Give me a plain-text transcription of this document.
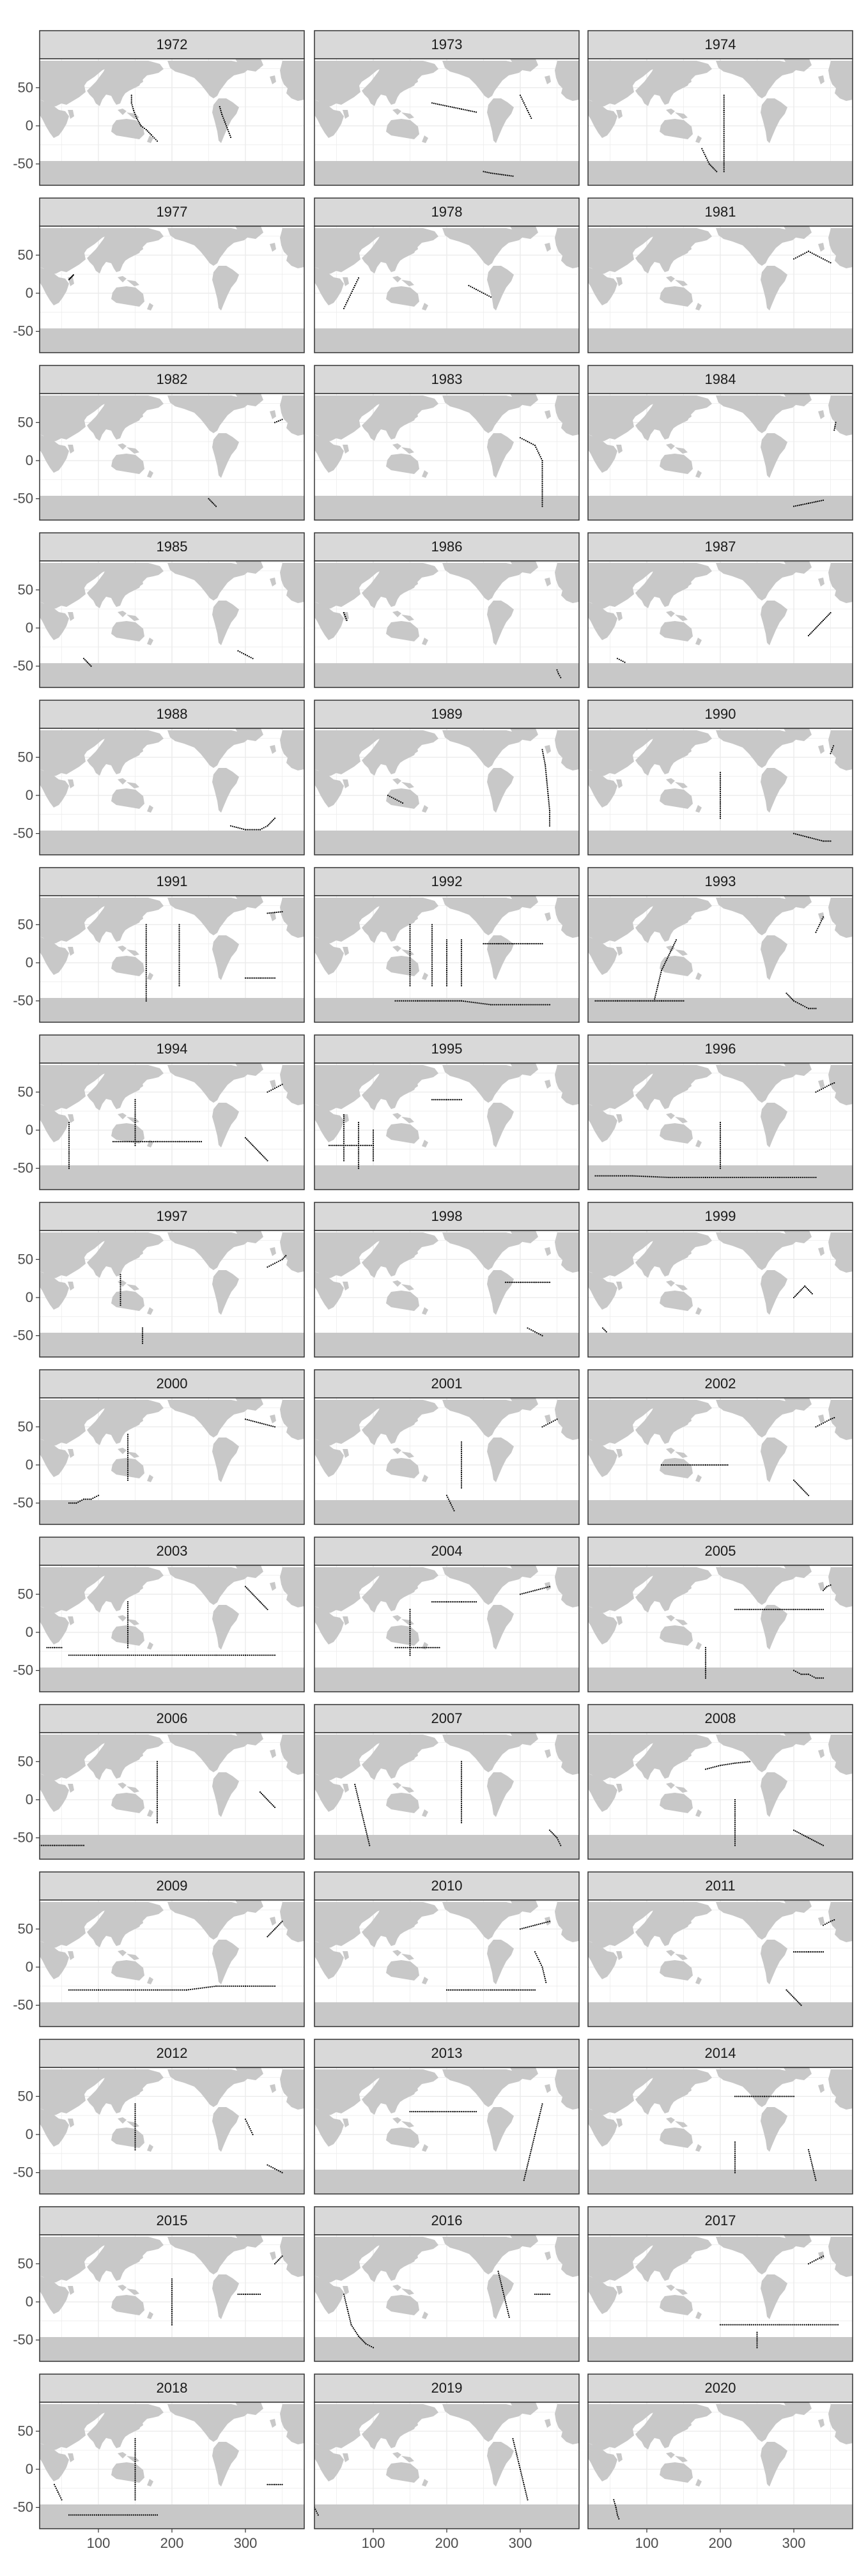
1972
50
0
-50
1973	1974
1977
50
0
-50
1978	1981
1982
50
0
-50
1983	1984
1985
50
0
-50
1986	1987
1988
50
0
-50
1989	1990
1991
50
0
-50
1992	1993
1994
50
0
-50
1995	1996
1997
50
0
-50
1998	1999
2000
50
0
-50
2001	2002
2003
50
0
-50
2004	2005
2006
50
0
-50
2007	2008
2009
50
0
-50
2010	2011
2012
50
0
-50
2013	2014
2015
50
0
-50
2016	2017
2018
50
0
-50
100	200	300
2019
100	200	300
2020
100	200	300
